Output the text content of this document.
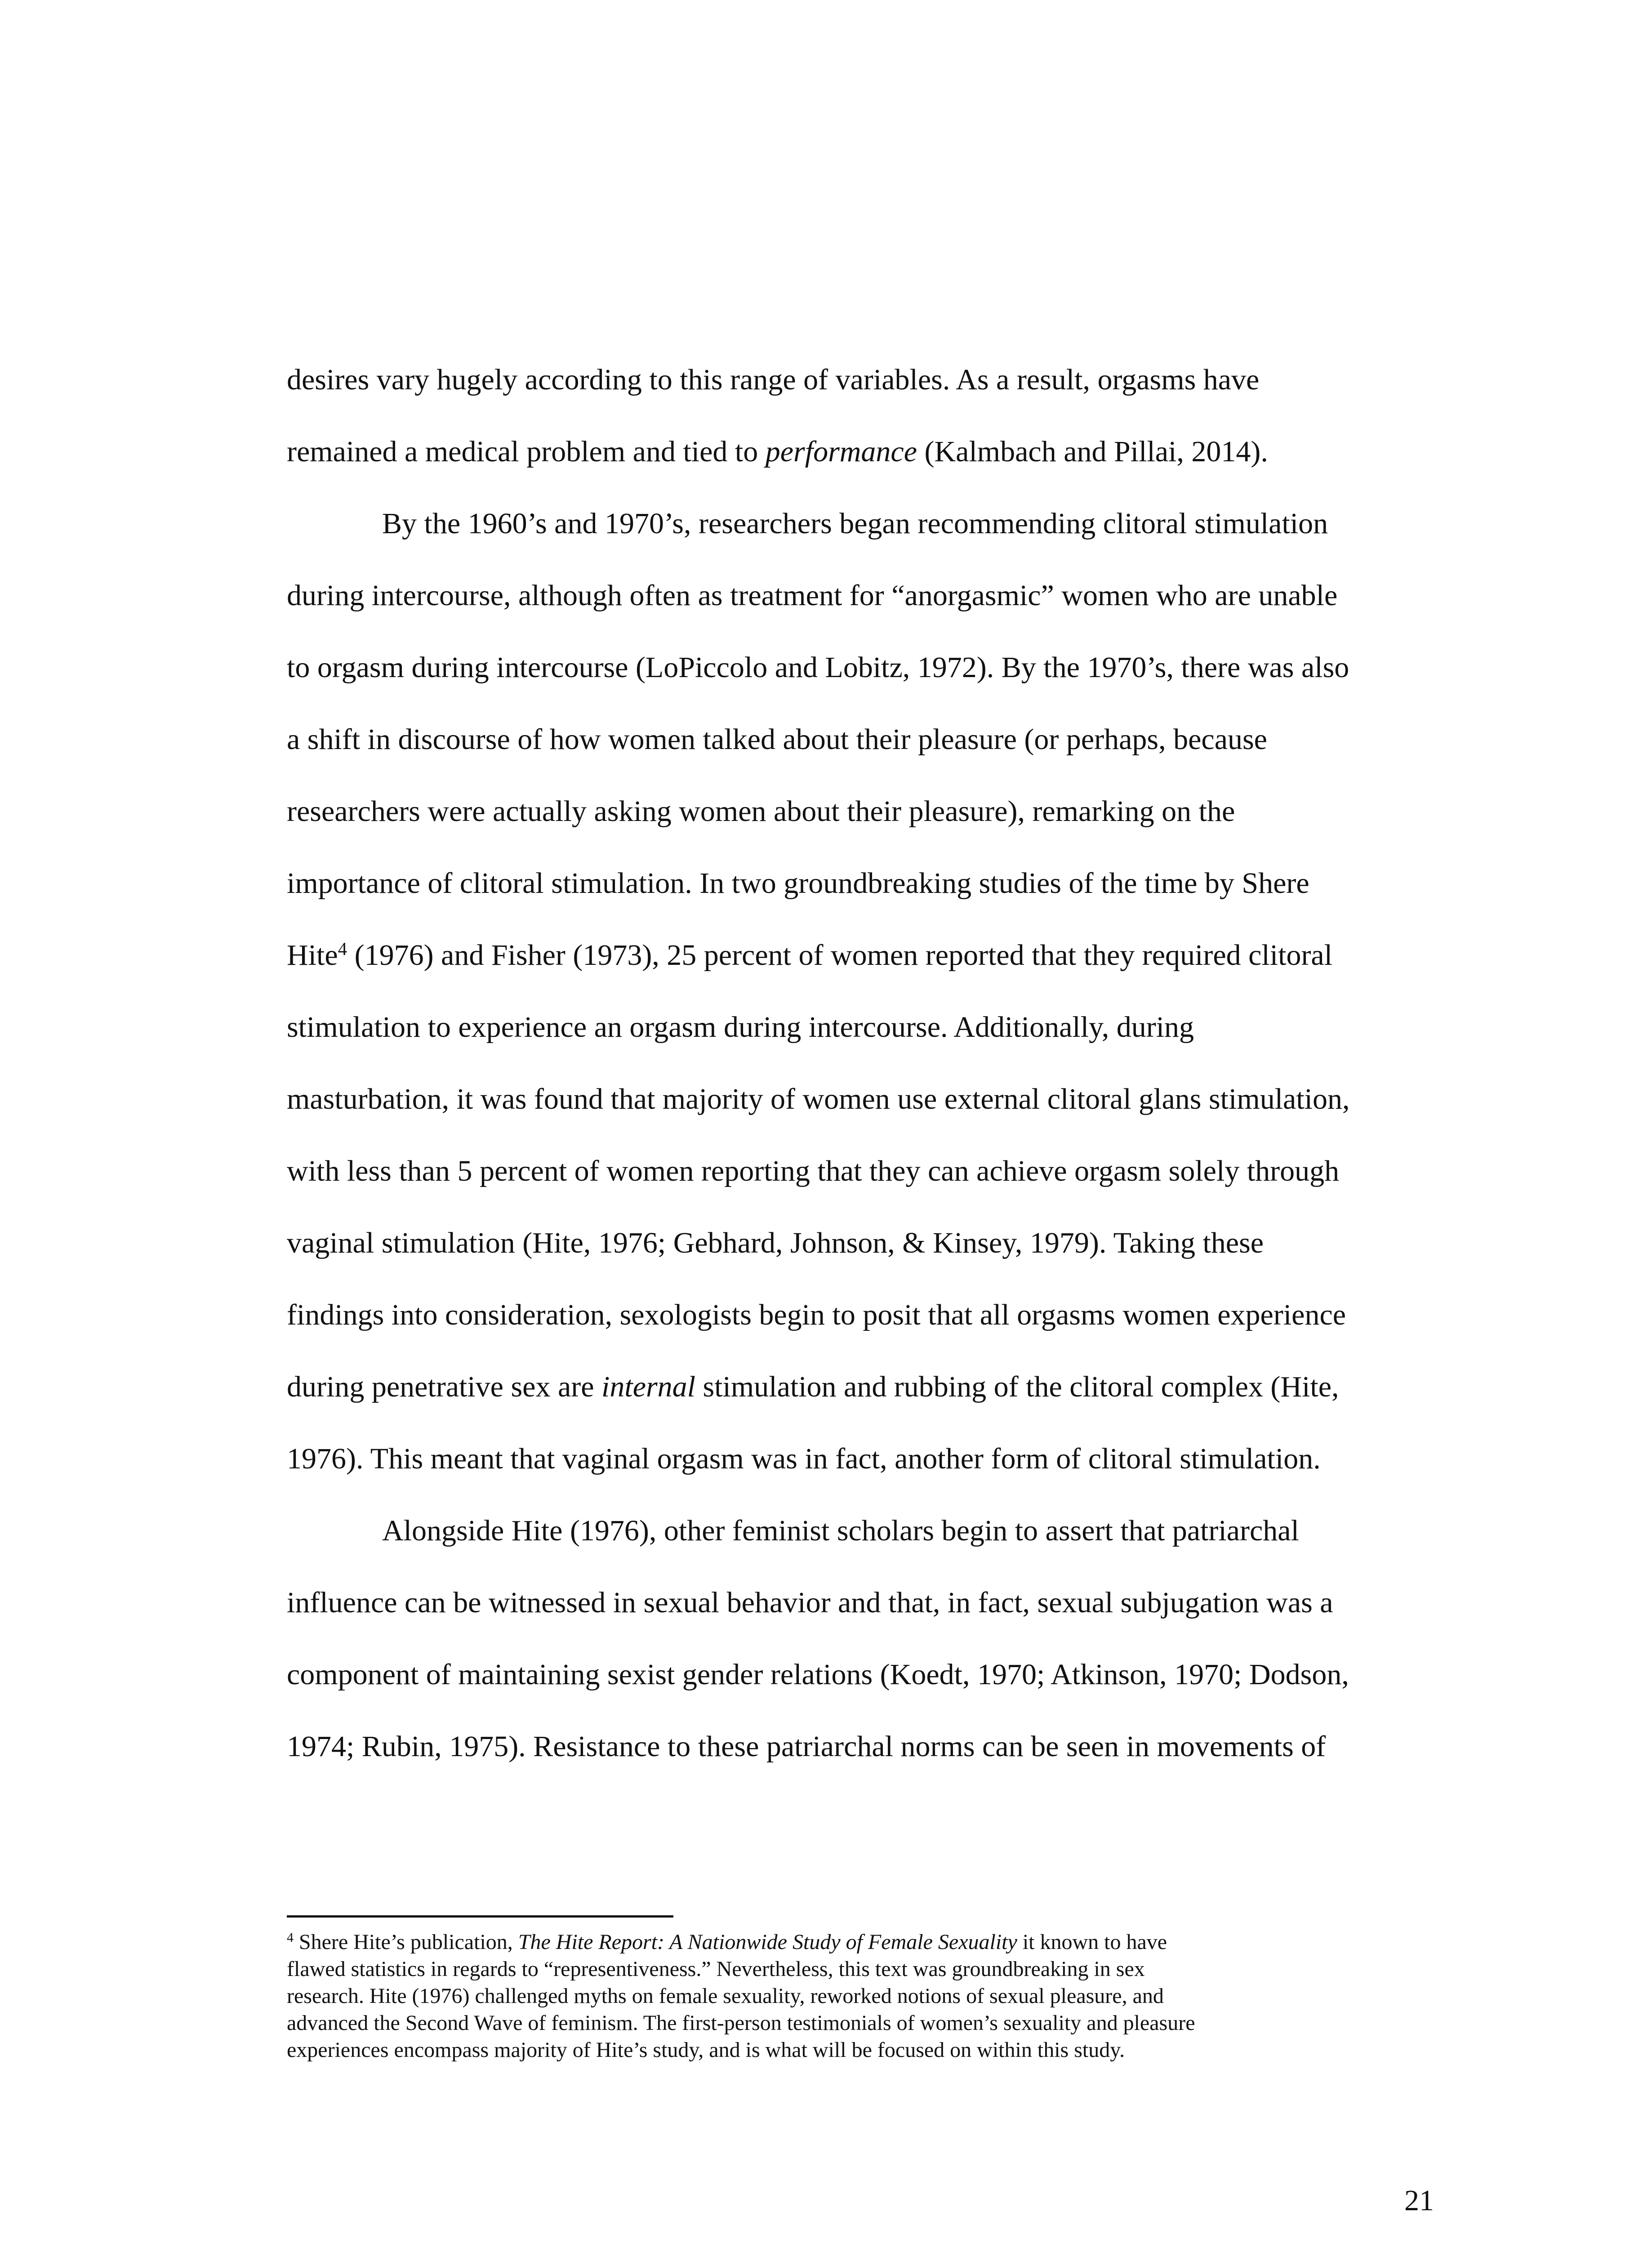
desires vary hugely according to this range of variables. As a result, orgasms have
remained a medical problem and tied to performance (Kalmbach and Pillai, 2014).
By the 1960’s and 1970’s, researchers began recommending clitoral stimulation
during intercourse, although often as treatment for “anorgasmic” women who are unable
to orgasm during intercourse (LoPiccolo and Lobitz, 1972). By the 1970’s, there was also
a shift in discourse of how women talked about their pleasure (or perhaps, because
researchers were actually asking women about their pleasure), remarking on the
importance of clitoral stimulation. In two groundbreaking studies of the time by Shere
Hite$^4$ (1976) and Fisher (1973), 25 percent of women reported that they required clitoral
stimulation to experience an orgasm during intercourse. Additionally, during
masturbation, it was found that majority of women use external clitoral glans stimulation,
with less than 5 percent of women reporting that they can achieve orgasm solely through
vaginal stimulation (Hite, 1976; Gebhard, Johnson, & Kinsey, 1979). Taking these
findings into consideration, sexologists begin to posit that all orgasms women experience
during penetrative sex are internal stimulation and rubbing of the clitoral complex (Hite,
1976). This meant that vaginal orgasm was in fact, another form of clitoral stimulation.
Alongside Hite (1976), other feminist scholars begin to assert that patriarchal
influence can be witnessed in sexual behavior and that, in fact, sexual subjugation was a
component of maintaining sexist gender relations (Koedt, 1970; Atkinson, 1970; Dodson,
1974; Rubin, 1975). Resistance to these patriarchal norms can be seen in movements of
$^4$ Shere Hite’s publication, The Hite Report: A Nationwide Study of Female Sexuality it known to have
flawed statistics in regards to “representiveness.” Nevertheless, this text was groundbreaking in sex
research. Hite (1976) challenged myths on female sexuality, reworked notions of sexual pleasure, and
advanced the Second Wave of feminism. The first-person testimonials of women’s sexuality and pleasure
experiences encompass majority of Hite’s study, and is what will be focused on within this study.
21
